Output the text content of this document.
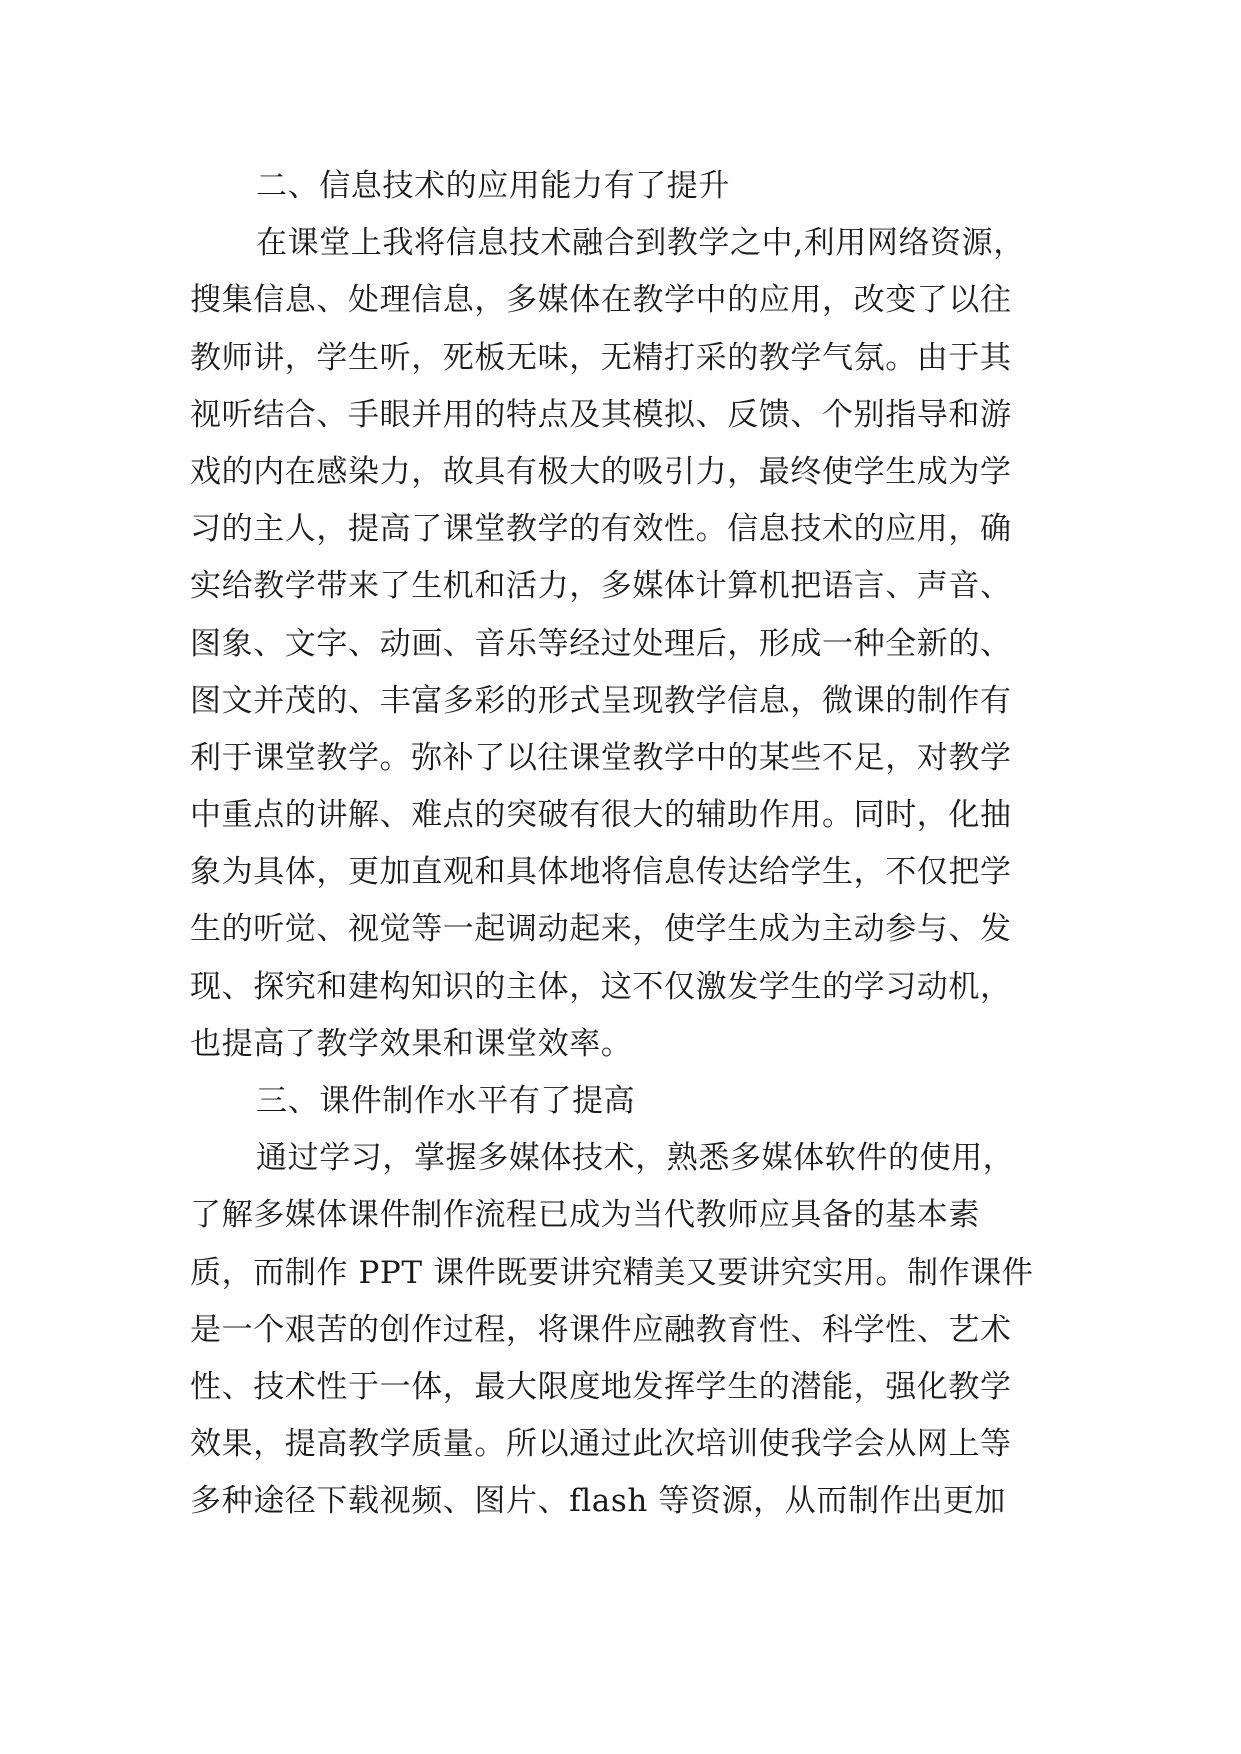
二、信息技术的应用能力有了提升
在课堂上我将信息技术融合到教学之中,利用网络资源，
搜集信息、处理信息，多媒体在教学中的应用，改变了以往
教师讲，学生听，死板无味，无精打采的教学气氛。由于其
视听结合、手眼并用的特点及其模拟、反馈、个别指导和游
戏的内在感染力，故具有极大的吸引力，最终使学生成为学
习的主人，提高了课堂教学的有效性。信息技术的应用，确
实给教学带来了生机和活力，多媒体计算机把语言、声音、
图象、文字、动画、音乐等经过处理后，形成一种全新的、
图文并茂的、丰富多彩的形式呈现教学信息，微课的制作有
利于课堂教学。弥补了以往课堂教学中的某些不足，对教学
中重点的讲解、难点的突破有很大的辅助作用。同时，化抽
象为具体，更加直观和具体地将信息传达给学生，不仅把学
生的听觉、视觉等一起调动起来，使学生成为主动参与、发
现、探究和建构知识的主体，这不仅激发学生的学习动机，
也提高了教学效果和课堂效率。
三、课件制作水平有了提高
通过学习，掌握多媒体技术，熟悉多媒体软件的使用，
了解多媒体课件制作流程已成为当代教师应具备的基本素
质，而制作 PPT 课件既要讲究精美又要讲究实用。制作课件
是一个艰苦的创作过程，将课件应融教育性、科学性、艺术
性、技术性于一体，最大限度地发挥学生的潜能，强化教学
效果，提高教学质量。所以通过此次培训使我学会从网上等
多种途径下载视频、图片、flash 等资源，从而制作出更加
